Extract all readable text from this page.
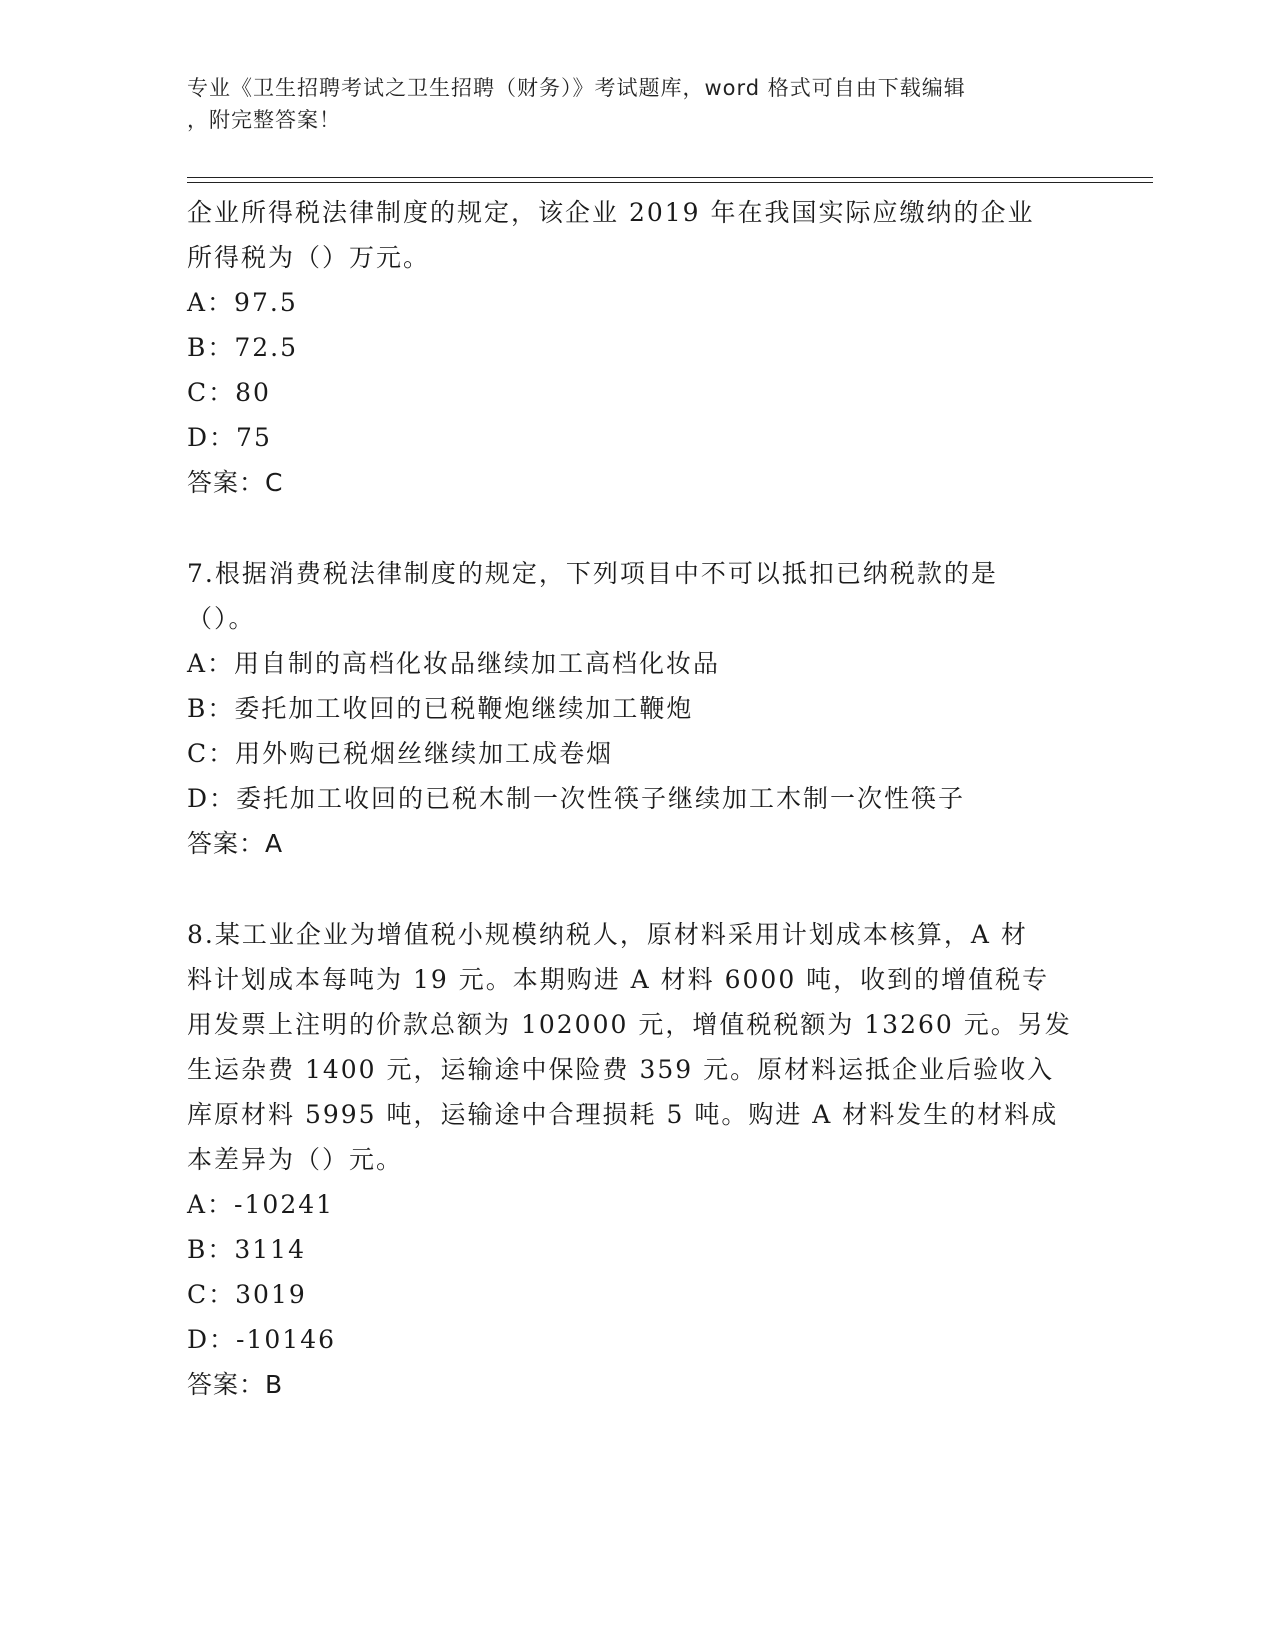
专业《卫生招聘考试之卫生招聘（财务）》考试题库，word 格式可自由下载编辑
，附完整答案！

企业所得税法律制度的规定，该企业 2019 年在我国实际应缴纳的企业

所得税为（）万元。

A：97.5

B：72.5

C：80

D：75

答案：C

7.根据消费税法律制度的规定，下列项目中不可以抵扣已纳税款的是

（）。

A：用自制的高档化妆品继续加工高档化妆品

B：委托加工收回的已税鞭炮继续加工鞭炮

C：用外购已税烟丝继续加工成卷烟

D：委托加工收回的已税木制一次性筷子继续加工木制一次性筷子

答案：A

8.某工业企业为增值税小规模纳税人，原材料采用计划成本核算，A 材

料计划成本每吨为 19 元。本期购进 A 材料 6000 吨，收到的增值税专

用发票上注明的价款总额为 102000 元，增值税税额为 13260 元。另发

生运杂费 1400 元，运输途中保险费 359 元。原材料运抵企业后验收入

库原材料 5995 吨，运输途中合理损耗 5 吨。购进 A 材料发生的材料成

本差异为（）元。

A：-10241

B：3114

C：3019

D：-10146

答案：B
